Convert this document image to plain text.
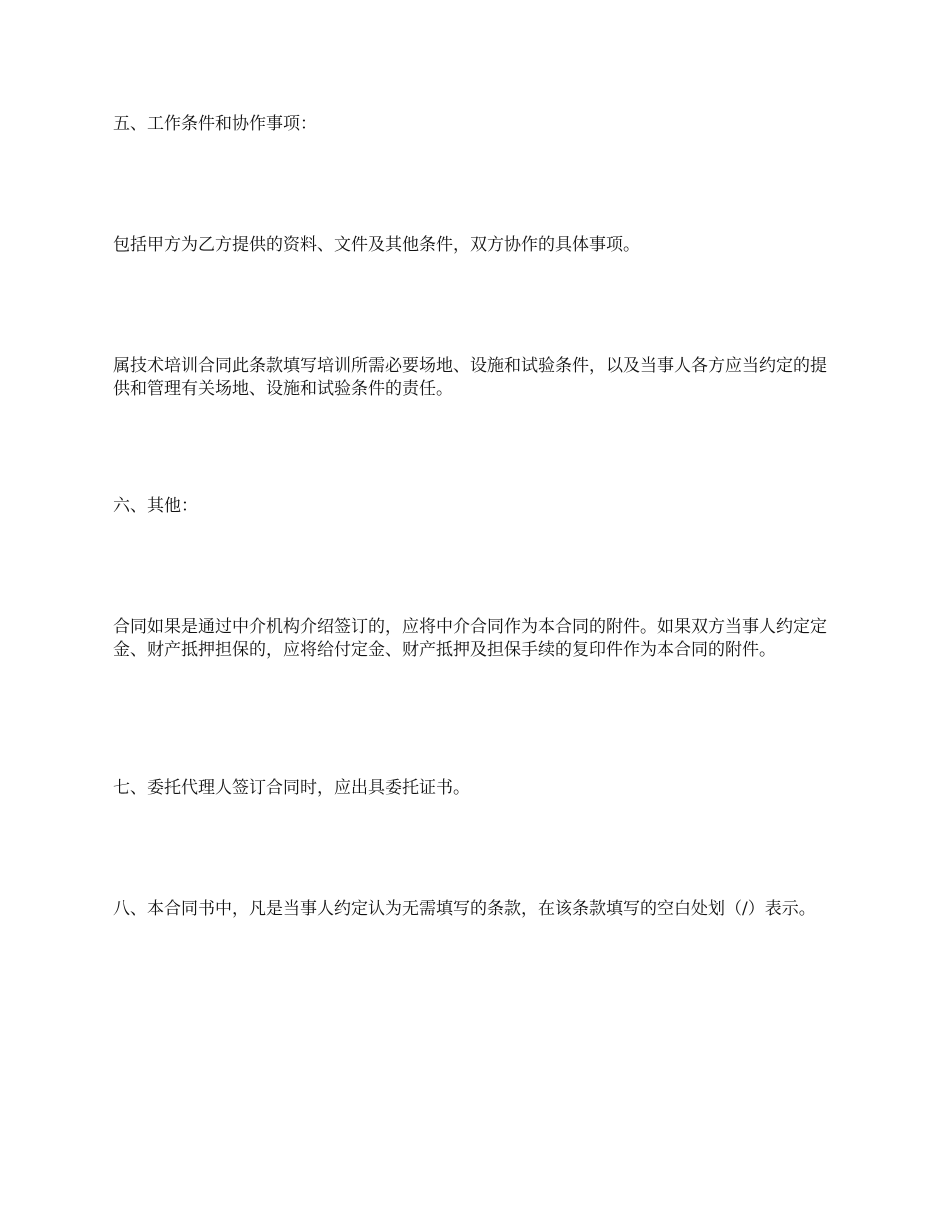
五、工作条件和协作事项：

包括甲方为乙方提供的资料、文件及其他条件，双方协作的具体事项。

属技术培训合同此条款填写培训所需必要场地、设施和试验条件，以及当事人各方应当约定的提供和管理有关场地、设施和试验条件的责任。

六、其他：

合同如果是通过中介机构介绍签订的，应将中介合同作为本合同的附件。如果双方当事人约定定金、财产抵押担保的，应将给付定金、财产抵押及担保手续的复印件作为本合同的附件。

七、委托代理人签订合同时，应出具委托证书。

八、本合同书中，凡是当事人约定认为无需填写的条款，在该条款填写的空白处划（/）表示。
